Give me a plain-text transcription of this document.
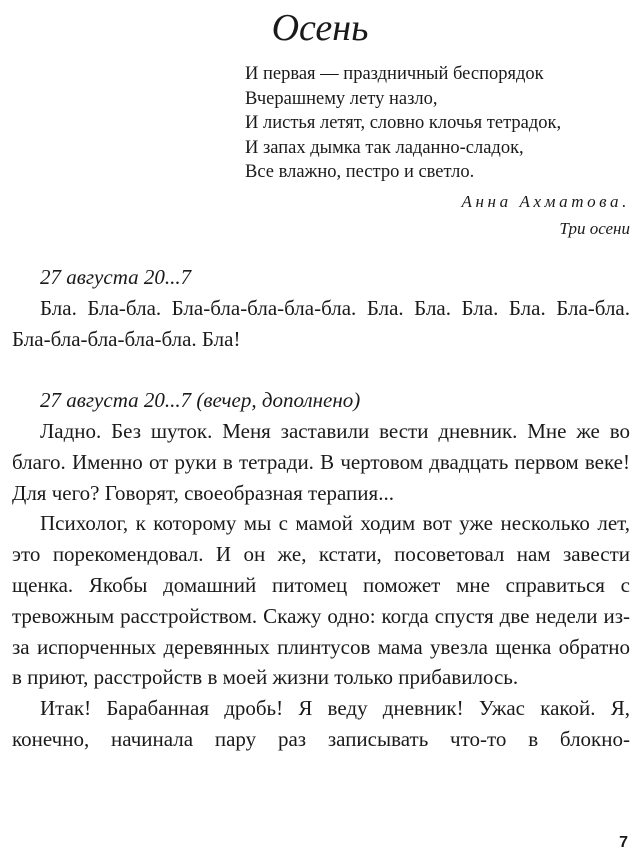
Осень
И первая — праздничный беспорядок
Вчерашнему лету назло,
И листья летят, словно клочья тетрадок,
И запах дымка так ладанно-сладок,
Все влажно, пестро и светло.
Анна Ахматова.
Три осени

27 августа 20...7

Бла. Бла-бла. Бла-бла-бла-бла-бла. Бла. Бла. Бла. Бла. Бла-бла. Бла-бла-бла-бла-бла. Бла!

27 августа 20...7 (вечер, дополнено)

Ладно. Без шуток. Меня заставили вести дневник. Мне же во благо. Именно от руки в тетради. В чертовом двадцать первом веке! Для чего? Говорят, своеобразная терапия...

Психолог, к которому мы с мамой ходим вот уже несколько лет, это порекомендовал. И он же, кстати, посоветовал нам завести щенка. Якобы домашний питомец поможет мне справиться с тревожным расстройством. Скажу одно: когда спустя две недели из-за испорченных деревянных плинтусов мама увезла щенка обратно в приют, расстройств в моей жизни только прибавилось.

Итак! Барабанная дробь! Я веду дневник! Ужас какой. Я, конечно, начинала пару раз записывать что-то в блокно-

7
